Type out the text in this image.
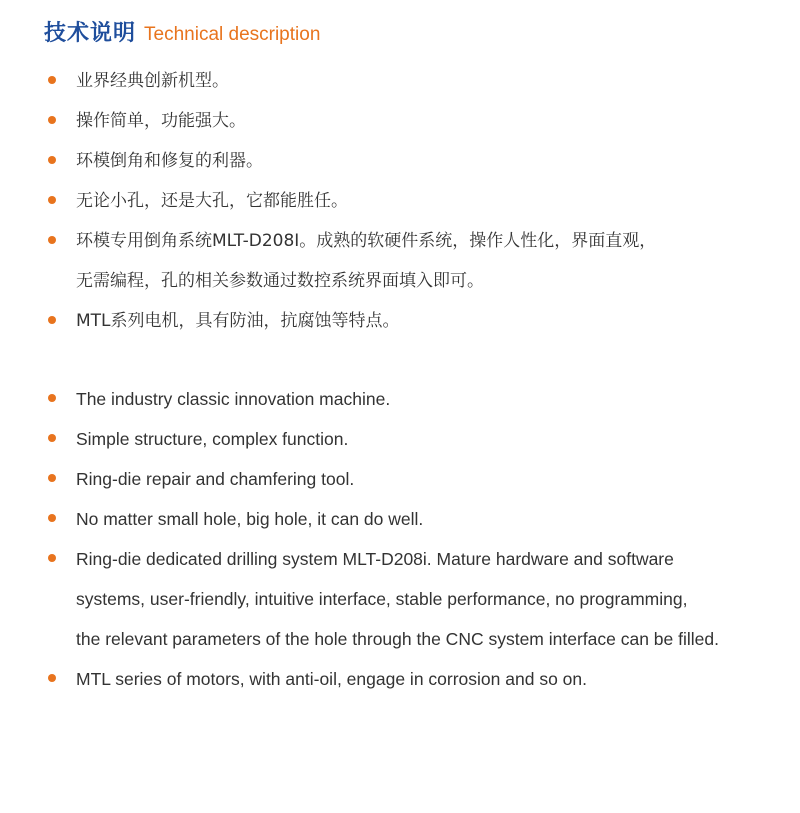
技术说明 Technical description
业界经典创新机型。
操作简单，功能强大。
环模倒角和修复的利器。
无论小孔，还是大孔，它都能胜任。
环模专用倒角系统MLT-D208I。成熟的软硬件系统，操作人性化，界面直观，
无需编程，孔的相关参数通过数控系统界面填入即可。
MTL系列电机，具有防油，抗腐蚀等特点。
The industry classic innovation machine.
Simple structure, complex function.
Ring-die repair and chamfering tool.
No matter small hole, big hole, it can do well.
Ring-die dedicated drilling system MLT-D208i. Mature hardware and software
systems, user-friendly, intuitive interface, stable performance, no programming,
the relevant parameters of the hole through the CNC system interface can be filled.
MTL series of motors, with anti-oil, engage in corrosion and so on.
